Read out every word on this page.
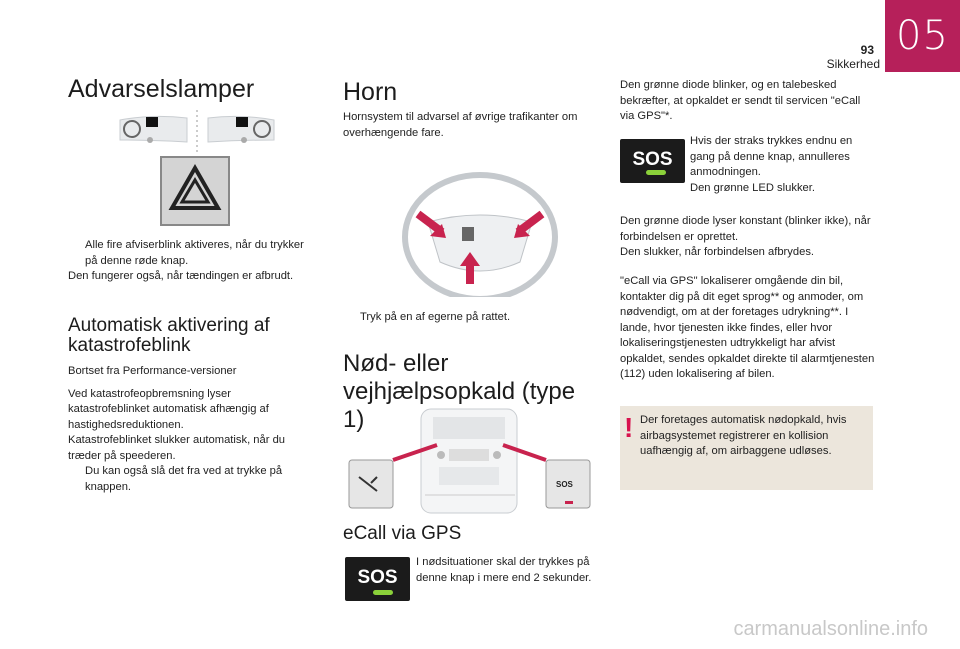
05
93
Sikkerhed
Advarselslamper
Alle fire afviserblink aktiveres, når du trykker på denne røde knap.
Den fungerer også, når tændingen er afbrudt.
Automatisk aktivering af katastrofeblink
Bortset fra Performance-versioner
Ved katastrofeopbremsning lyser katastrofeblinket automatisk afhængig af hastighedsreduktionen.
Katastrofeblinket slukker automatisk, når du træder på speederen.
Du kan også slå det fra ved at trykke på knappen.
Horn
Hornsystem til advarsel af øvrige trafikanter om overhængende fare.
Tryk på en af egerne på rattet.
Nød- eller vejhjælpsopkald (type 1)
SOS
eCall via GPS
SOS
I nødsituationer skal der trykkes på denne knap i mere end 2 sekunder.
Den grønne diode blinker, og en talebesked bekræfter, at opkaldet er sendt til servicen "eCall via GPS"*.
SOS
Hvis der straks trykkes endnu en gang på denne knap, annulleres anmodningen.
Den grønne LED slukker.
Den grønne diode lyser konstant (blinker ikke), når forbindelsen er oprettet.
Den slukker, når forbindelsen afbrydes.
"eCall via GPS" lokaliserer omgående din bil, kontakter dig på dit eget sprog** og anmoder, om nødvendigt, om at der foretages udrykning**. I lande, hvor tjenesten ikke findes, eller hvor lokaliseringstjenesten udtrykkeligt har afvist opkaldet, sendes opkaldet direkte til alarmtjenesten (112) uden lokalisering af bilen.
! Der foretages automatisk nødopkald, hvis airbagsystemet registrerer en kollision uafhængig af, om airbaggene udløses.
carmanualsonline.info
